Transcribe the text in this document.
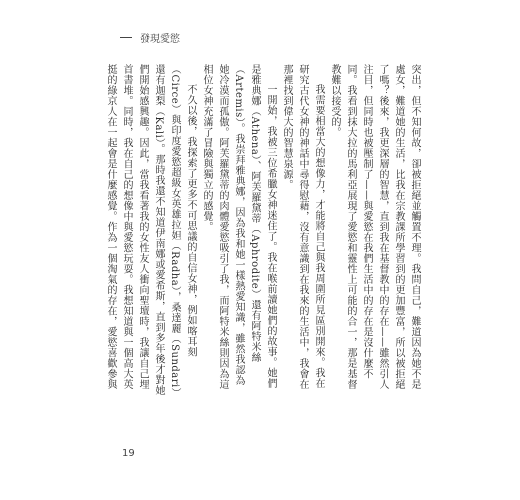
發現愛慾

突出，但不知何故，卻被拒絕並觸置不理。我問自己，難道因為她不是處女，難道她的生活，比我在宗教課所學習到的更加豐富，所以被拒絕了嗎？後來，我更深層的智慧，直到我在基督教中的存在——雖然引人注目，但同時也被壓制了——與愛慾在我們生活中的存在是沒什麼不同。我看到抹大拉的馬利亞展現了愛慾和靈性上可能的合一，那是基督教難以接受的。

我需要相當大的想像力，才能將自己與我周圍所見區別開來。我在研究古代女神的神話中尋得慰藉，沒有意識到在我來的生活中，我會在那裡找到偉大的智慧泉源。

一開始，我被三位希臘女神迷住了。我在喉前讀她們的故事。她們是雅典娜（Athena）、阿芙羅黛蒂（Aphrodite）還有阿特米絲（Artemis）。我崇拜雅典娜，因為我和她一樣熱愛知識，雖然我認為她冷漠而孤傲。阿芙羅黛蒂的肉體愛慾吸引了我，而阿特米絲則因為這相位女神充滿了冒險與獨立的感覺。

不久以後，我探索了更多不可思議的自信女神，例如喀耳刻（Circe）與印度愛慾超級女英雄拉妲（Radha），桑達麗（Sundari）還有迦梨（Kali）。那時我還不知道伊南娜或愛希斯，直到多年後才對她們開始感興趣。因此，當我看著我的女性友人衝向聖壇時，我讓自己埋首書堆。同時，我在自己的想像中與愛慾玩耍。我想知道與一個高大英挺的綠京人在一起會是什麼感覺。作為一個淘氣的存在，愛慾喜歡參與

19
